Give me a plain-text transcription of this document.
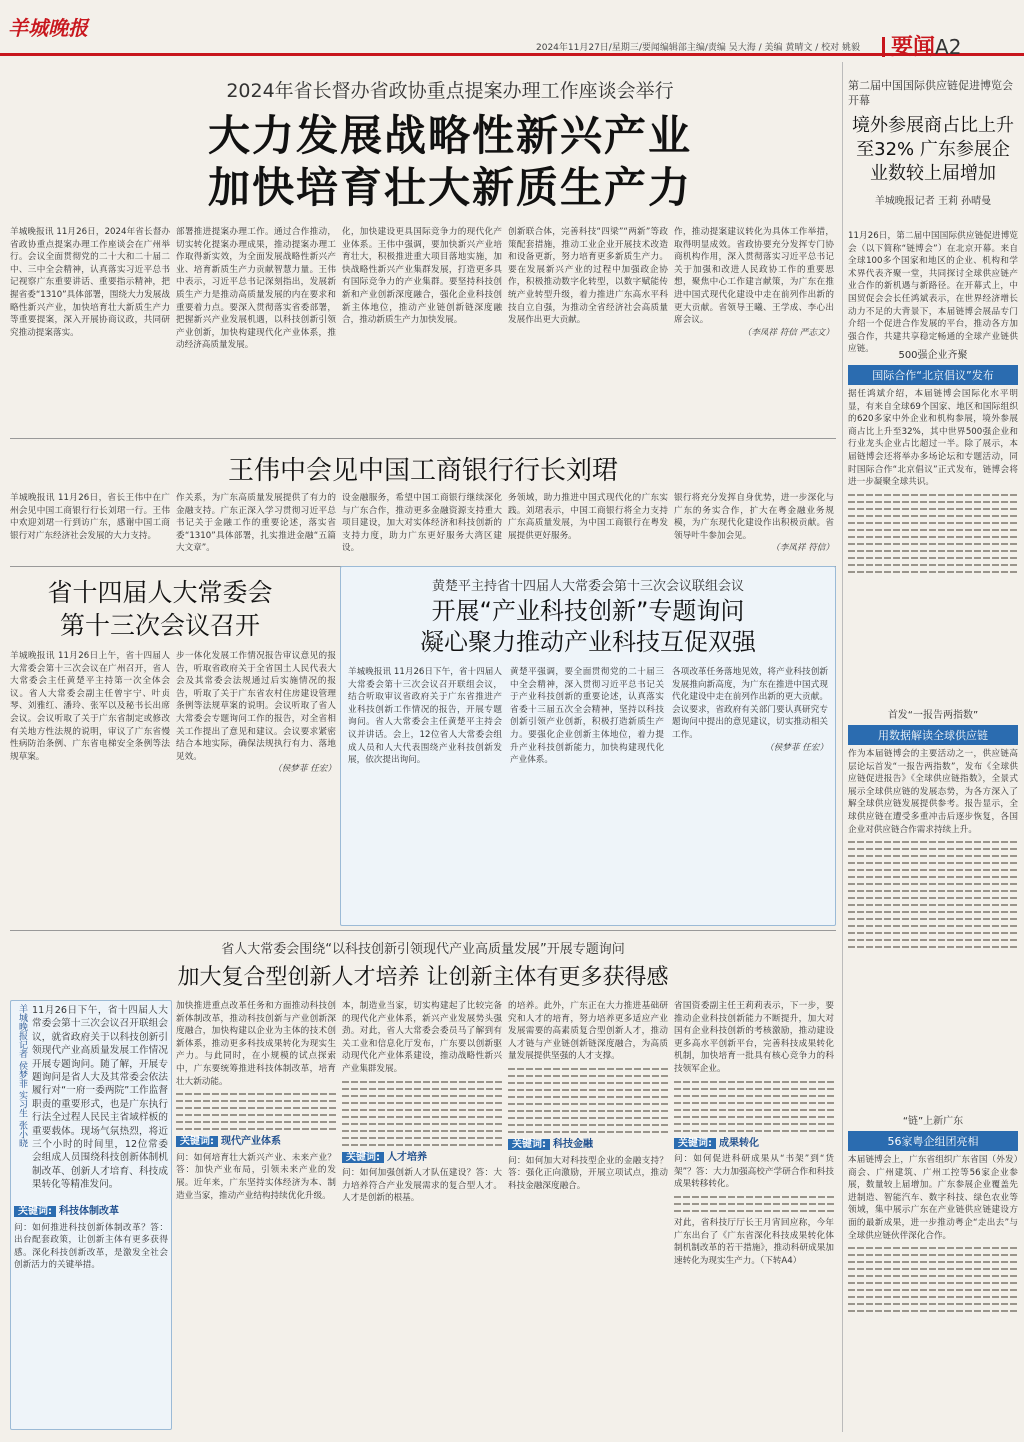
羊城晚报
2024年11月27日/星期三/要闻编辑部主编/责编 吴大海 / 美编 黄晴文 / 校对 姚毅	要闻A2
2024年省长督办省政协重点提案办理工作座谈会举行
大力发展战略性新兴产业
加快培育壮大新质生产力
羊城晚报讯 11月26日，2024年省长督办省政协重点提案办理工作座谈会在广州举行。会议全面贯彻党的二十大和二十届二中、三中全会精神，认真落实习近平总书记视察广东重要讲话、重要指示精神，把握省委“1310”具体部署，围绕大力发展战略性新兴产业，加快培育壮大新质生产力等重要提案，深入开展协商议政，共同研究推动提案落实。
部署推进提案办理工作。通过合作推动，切实转化提案办理成果，推动提案办理工作取得新实效，为全面发展战略性新兴产业、培育新质生产力贡献智慧力量。王伟中表示，习近平总书记深刻指出，发展新质生产力是推动高质量发展的内在要求和重要着力点。要深入贯彻落实省委部署，把握新兴产业发展机遇，以科技创新引领产业创新，加快构建现代化产业体系，推动经济高质量发展。
化，加快建设更具国际竞争力的现代化产业体系。王伟中强调，要加快新兴产业培育壮大，积极推进重大项目落地实施，加快战略性新兴产业集群发展，打造更多具有国际竞争力的产业集群。要坚持科技创新和产业创新深度融合，强化企业科技创新主体地位，推动产业链创新链深度融合，推动新质生产力加快发展。
创新联合体，完善科技“四梁”“两新”等政策配套措施，推动工业企业开展技术改造和设备更新，努力培育更多新质生产力。要在发展新兴产业的过程中加强政企协作，积极推动数字化转型，以数字赋能传统产业转型升级，着力推进广东高水平科技自立自强，为推动全省经济社会高质量发展作出更大贡献。
作，推动提案建议转化为具体工作举措，取得明显成效。省政协要充分发挥专门协商机构作用，深入贯彻落实习近平总书记关于加强和改进人民政协工作的重要思想，聚焦中心工作建言献策，为广东在推进中国式现代化建设中走在前列作出新的更大贡献。省领导王曦、王学成、李心出席会议。
（李凤祥 符信 严志文）
王伟中会见中国工商银行行长刘珺
羊城晚报讯 11月26日，省长王伟中在广州会见中国工商银行行长刘珺一行。王伟中欢迎刘珺一行到访广东，感谢中国工商银行对广东经济社会发展的大力支持。
作关系，为广东高质量发展提供了有力的金融支持。广东正深入学习贯彻习近平总书记关于金融工作的重要论述，落实省委“1310”具体部署，扎实推进金融“五篇大文章”。
设金融服务，希望中国工商银行继续深化与广东合作，推动更多金融资源支持重大项目建设，加大对实体经济和科技创新的支持力度，助力广东更好服务大湾区建设。
务领域，助力推进中国式现代化的广东实践。刘珺表示，中国工商银行将全力支持广东高质量发展，为中国工商银行在粤发展提供更好服务。
银行将充分发挥自身优势，进一步深化与广东的务实合作，扩大在粤金融业务规模，为广东现代化建设作出积极贡献。省领导叶牛参加会见。
（李凤祥 符信）
省十四届人大常委会
第十三次会议召开
羊城晚报讯 11月26日上午，省十四届人大常委会第十三次会议在广州召开，省人大常委会主任黄楚平主持第一次全体会议。省人大常委会副主任曾宇宁、叶贞琴、刘雅红、潘玲、张军以及秘书长出席会议。会议听取了关于广东省制定或修改有关地方性法规的说明，审议了广东省慢性病防治条例、广东省电梯安全条例等法规草案。
步一体化发展工作情况报告审议意见的报告，听取省政府关于全省国土人民代表大会及其常委会法规通过后实施情况的报告，听取了关于广东省农村住房建设管理条例等法规草案的说明。会议听取了省人大常委会专题询问工作的报告，对全省相关工作提出了意见和建议。会议要求紧密结合本地实际，确保法规执行有力、落地见效。
（侯梦菲 任宏）
黄楚平主持省十四届人大常委会第十三次会议联组会议
开展“产业科技创新”专题询问
凝心聚力推动产业科技互促双强
羊城晚报讯 11月26日下午，省十四届人大常委会第十三次会议召开联组会议，结合听取审议省政府关于广东省推进产业科技创新工作情况的报告，开展专题询问。省人大常委会主任黄楚平主持会议并讲话。会上，12位省人大常委会组成人员和人大代表围绕产业科技创新发展，依次提出询问。
黄楚平强调，要全面贯彻党的二十届三中全会精神，深入贯彻习近平总书记关于产业科技创新的重要论述，认真落实省委十三届五次全会精神，坚持以科技创新引领产业创新，积极打造新质生产力。要强化企业创新主体地位，着力提升产业科技创新能力，加快构建现代化产业体系。
各项改革任务落地见效，将产业科技创新发展推向新高度，为广东在推进中国式现代化建设中走在前列作出新的更大贡献。会议要求，省政府有关部门要认真研究专题询问中提出的意见建议，切实推动相关工作。
（侯梦菲 任宏）
省人大常委会围绕“以科技创新引领现代产业高质量发展”开展专题询问
加大复合型创新人才培养 让创新主体有更多获得感
羊城晚报记者 侯梦菲 实习生 张小晓 11月26日下午，省十四届人大常委会第十三次会议召开联组会议，就省政府关于以科技创新引领现代产业高质量发展工作情况开展专题询问。随了解，开展专题询问是省人大及其常委会依法履行对“一府一委两院”工作监督职责的重要形式，也是广东执行行法全过程人民民主省域样板的重要载体。现场气氛热烈，将近三个小时的时间里，12位常委会组成人员围绕科技创新体制机制改革、创新人才培育、科技成果转化等精准发问。
关键词: 科技体制改革
问：如何推进科技创新体制改革？答：出台配套政策，让创新主体有更多获得感。深化科技创新改革，是激发全社会创新活力的关键举措。
加快推进重点改革任务和方面推动科技创新体制改革，推动科技创新与产业创新深度融合，加快构建以企业为主体的技术创新体系，推动更多科技成果转化为现实生产力。与此同时，在小规模的试点探索中，广东要统筹推进科技体制改革，培育壮大新动能。
关键词: 现代产业体系
问：如何培育壮大新兴产业、未来产业？答：加快产业布局，引领未来产业的发展。近年来，广东坚持实体经济为本、制造业当家，推动产业结构持续优化升级。
本，制造业当家，切实构建起了比较完备的现代化产业体系，新兴产业发展势头强劲。对此，省人大常委会委员马了解到有关工业和信息化厅发布，广东要以创新驱动现代化产业体系建设，推动战略性新兴产业集群发展。
关键词: 人才培养
问：如何加强创新人才队伍建设？答：大力培养符合产业发展需求的复合型人才。人才是创新的根基。
的培养。此外，广东正在大力推进基础研究和人才的培育，努力培养更多适应产业发展需要的高素质复合型创新人才，推动人才链与产业链创新链深度融合，为高质量发展提供坚强的人才支撑。
关键词: 科技金融
问：如何加大对科技型企业的金融支持？答：强化正向激励，开展立项试点，推动科技金融深度融合。
省国资委副主任王莉莉表示，下一步，要推动企业科技创新能力不断提升，加大对国有企业科技创新的考核激励，推动建设更多高水平创新平台，完善科技成果转化机制，加快培育一批具有核心竞争力的科技领军企业。
关键词: 成果转化
问：如何促进科研成果从“书架”到“货架”？答：大力加强高校产学研合作和科技成果转移转化。
对此，省科技厅厅长王月宵回应称，今年广东出台了《广东省深化科技成果转化体制机制改革的若干措施》，推动科研成果加速转化为现实生产力。（下转A4）
第二届中国国际供应链促进博览会开幕
境外参展商占比上升至32% 广东参展企业数较上届增加
羊城晚报记者 王莉 孙晴曼
11月26日，第二届中国国际供应链促进博览会（以下简称“链博会”）在北京开幕。来自全球100多个国家和地区的企业、机构和学术界代表齐聚一堂，共同探讨全球供应链产业合作的新机遇与新路径。在开幕式上，中国贸促会会长任鸿斌表示，在世界经济增长动力不足的大背景下，本届链博会展品专门介绍一个促进合作发展的平台，推动各方加强合作，共建共享稳定畅通的全球产业链供应链。
500强企业齐聚
国际合作“北京倡议”发布
据任鸿斌介绍，本届链博会国际化水平明显，有来自全球69个国家、地区和国际组织的620多家中外企业和机构参展，境外参展商占比上升至32%，其中世界500强企业和行业龙头企业占比超过一半。除了展示，本届链博会还将举办多场论坛和专题活动，同时国际合作“北京倡议”正式发布，链博会将进一步凝聚全球共识。
首发“一报告两指数”
用数据解读全球供应链
作为本届链博会的主要活动之一，供应链高层论坛首发“一报告两指数”，发布《全球供应链促进报告》《全球供应链指数》，全景式展示全球供应链的发展态势，为各方深入了解全球供应链发展提供参考。报告显示，全球供应链在遭受多重冲击后逐步恢复，各国企业对供应链合作需求持续上升。
“链”上新广东
56家粤企组团亮相
本届链博会上，广东省组织广东省国（外发）商会、广州建筑、广州工控等56家企业参展，数量较上届增加。广东参展企业覆盖先进制造、智能汽车、数字科技、绿色农业等领域，集中展示广东在产业链供应链建设方面的最新成果，进一步推动粤企“走出去”与全球供应链伙伴深化合作。
